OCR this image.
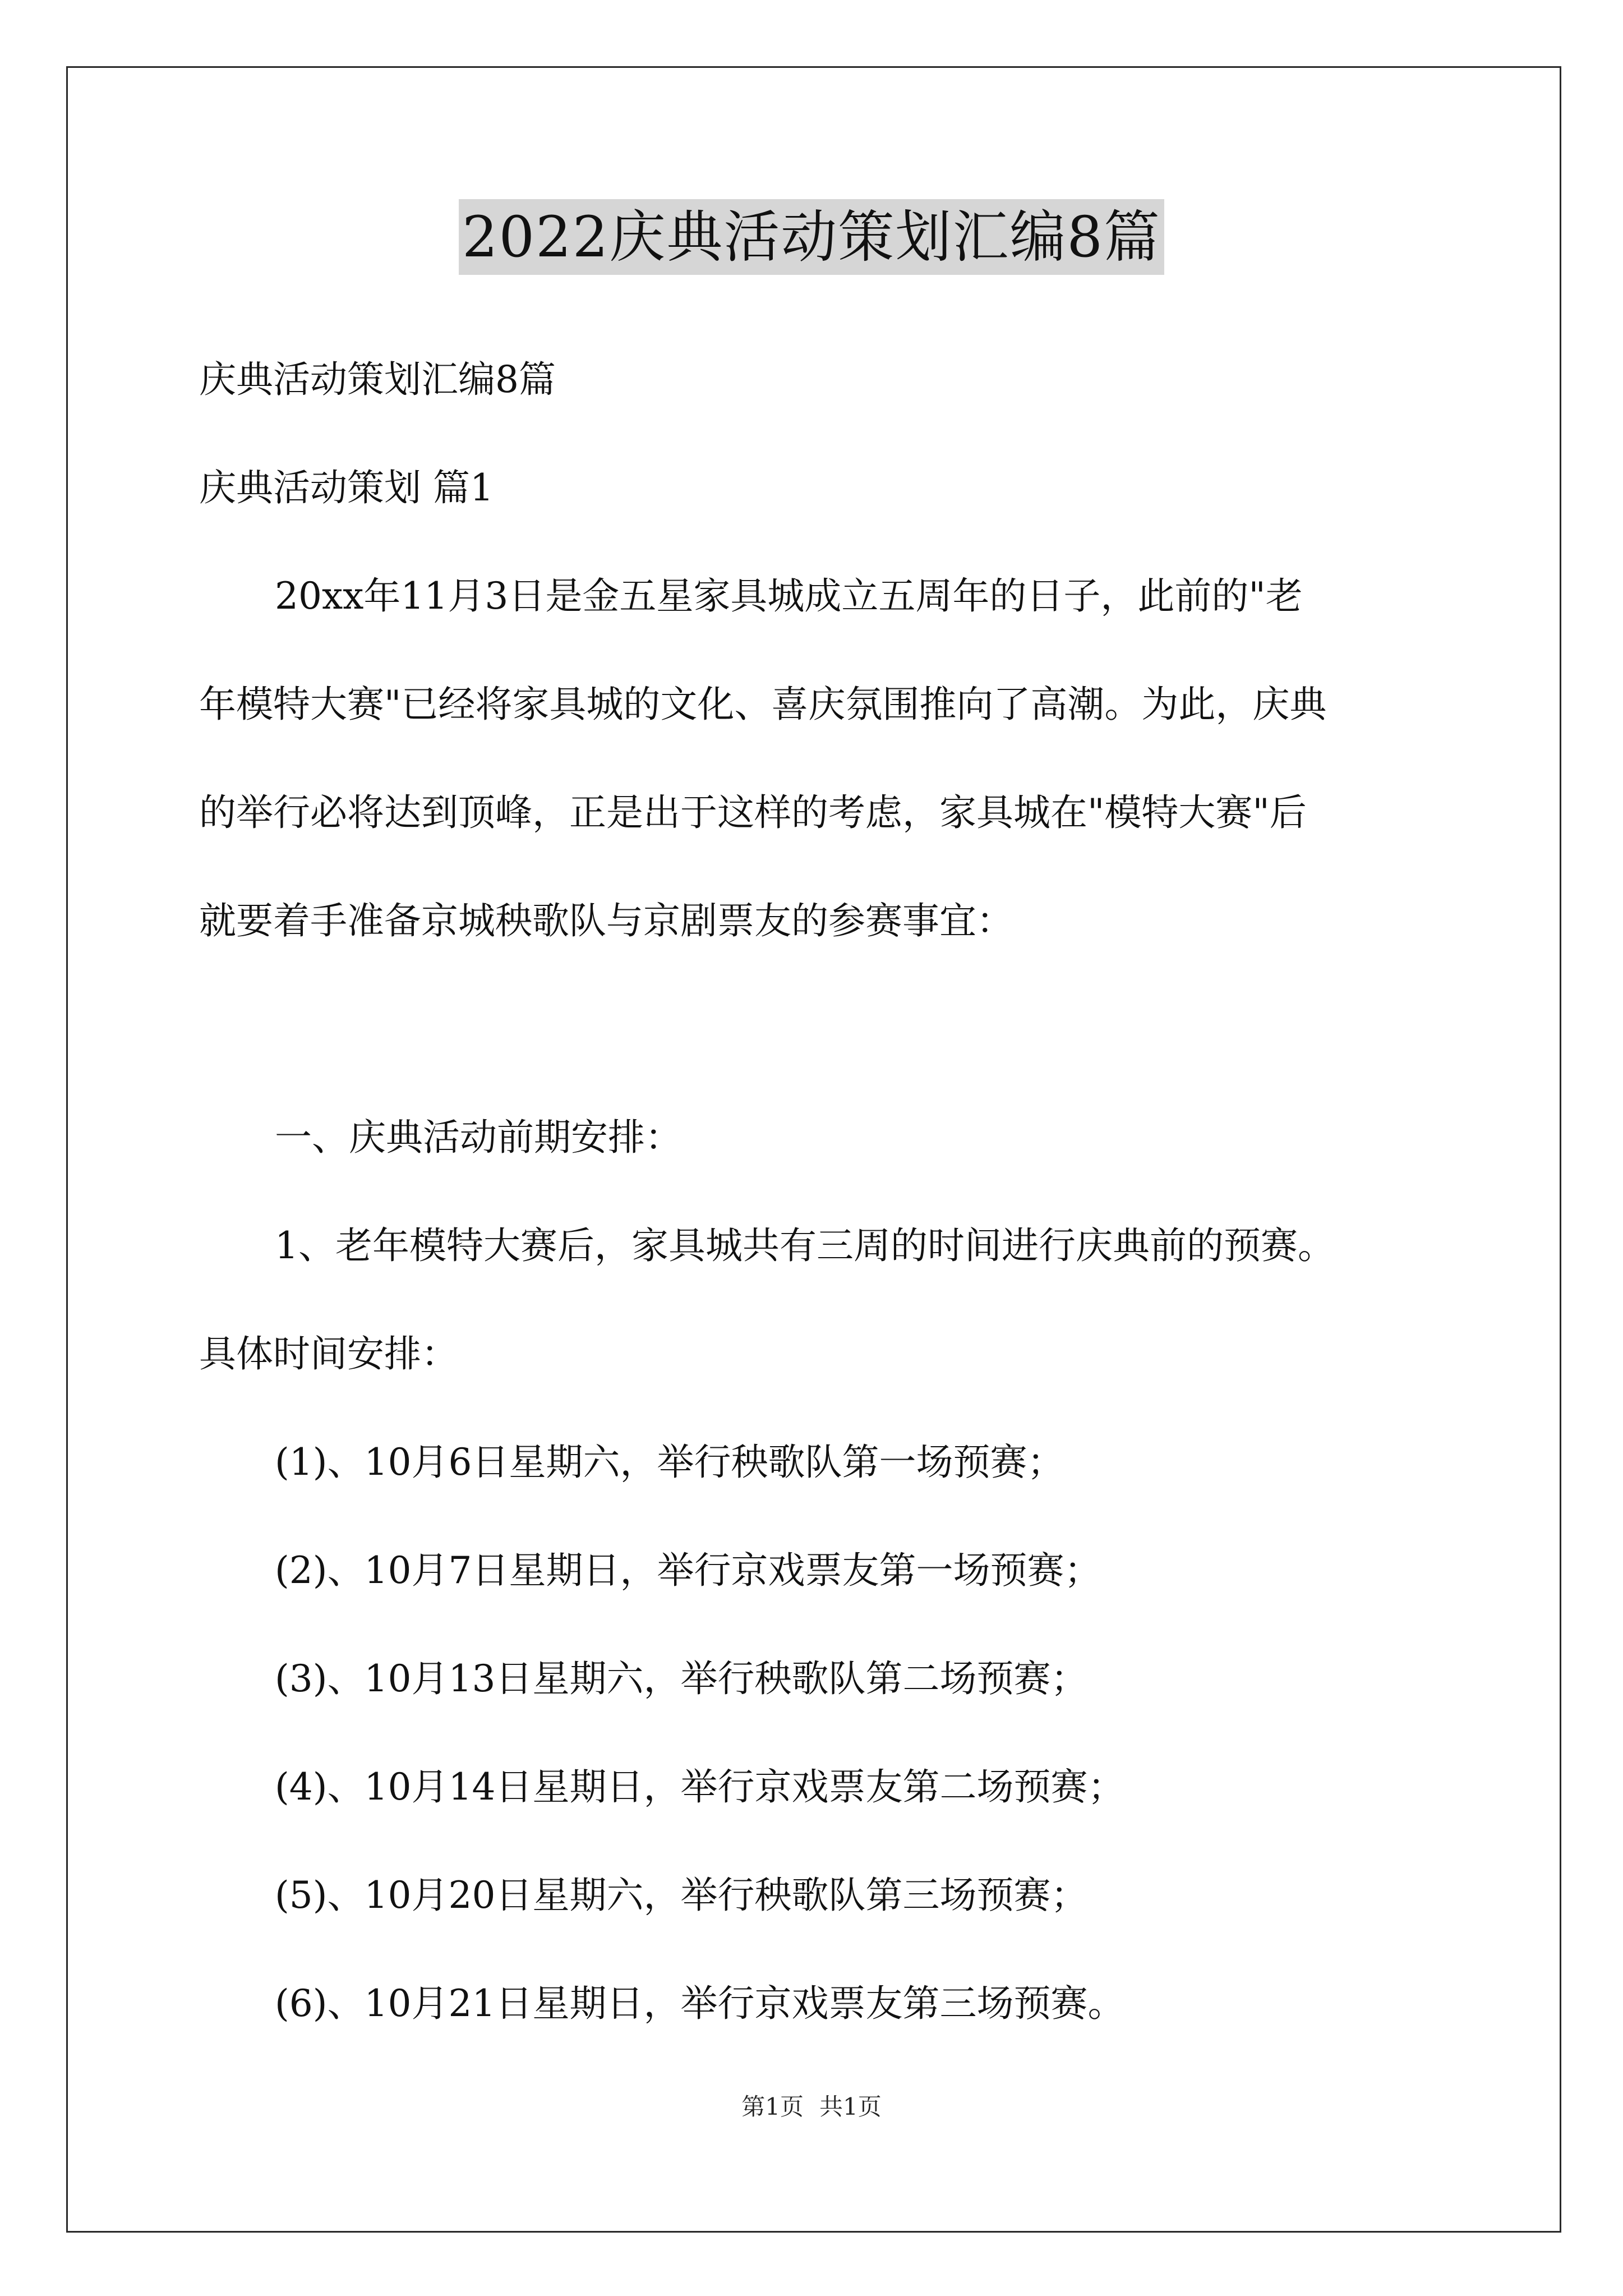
2022庆典活动策划汇编8篇
庆典活动策划汇编8篇
庆典活动策划 篇1
20xx年11月3日是金五星家具城成立五周年的日子，此前的"老
年模特大赛"已经将家具城的文化、喜庆氛围推向了高潮。为此，庆典
的举行必将达到顶峰，正是出于这样的考虑，家具城在"模特大赛"后
就要着手准备京城秧歌队与京剧票友的参赛事宜：
一、庆典活动前期安排：
1、老年模特大赛后，家具城共有三周的时间进行庆典前的预赛。
具体时间安排：
(1)、10月6日星期六，举行秧歌队第一场预赛；
(2)、10月7日星期日，举行京戏票友第一场预赛；
(3)、10月13日星期六，举行秧歌队第二场预赛；
(4)、10月14日星期日，举行京戏票友第二场预赛；
(5)、10月20日星期六，举行秧歌队第三场预赛；
(6)、10月21日星期日，举行京戏票友第三场预赛。
第1页 共1页
